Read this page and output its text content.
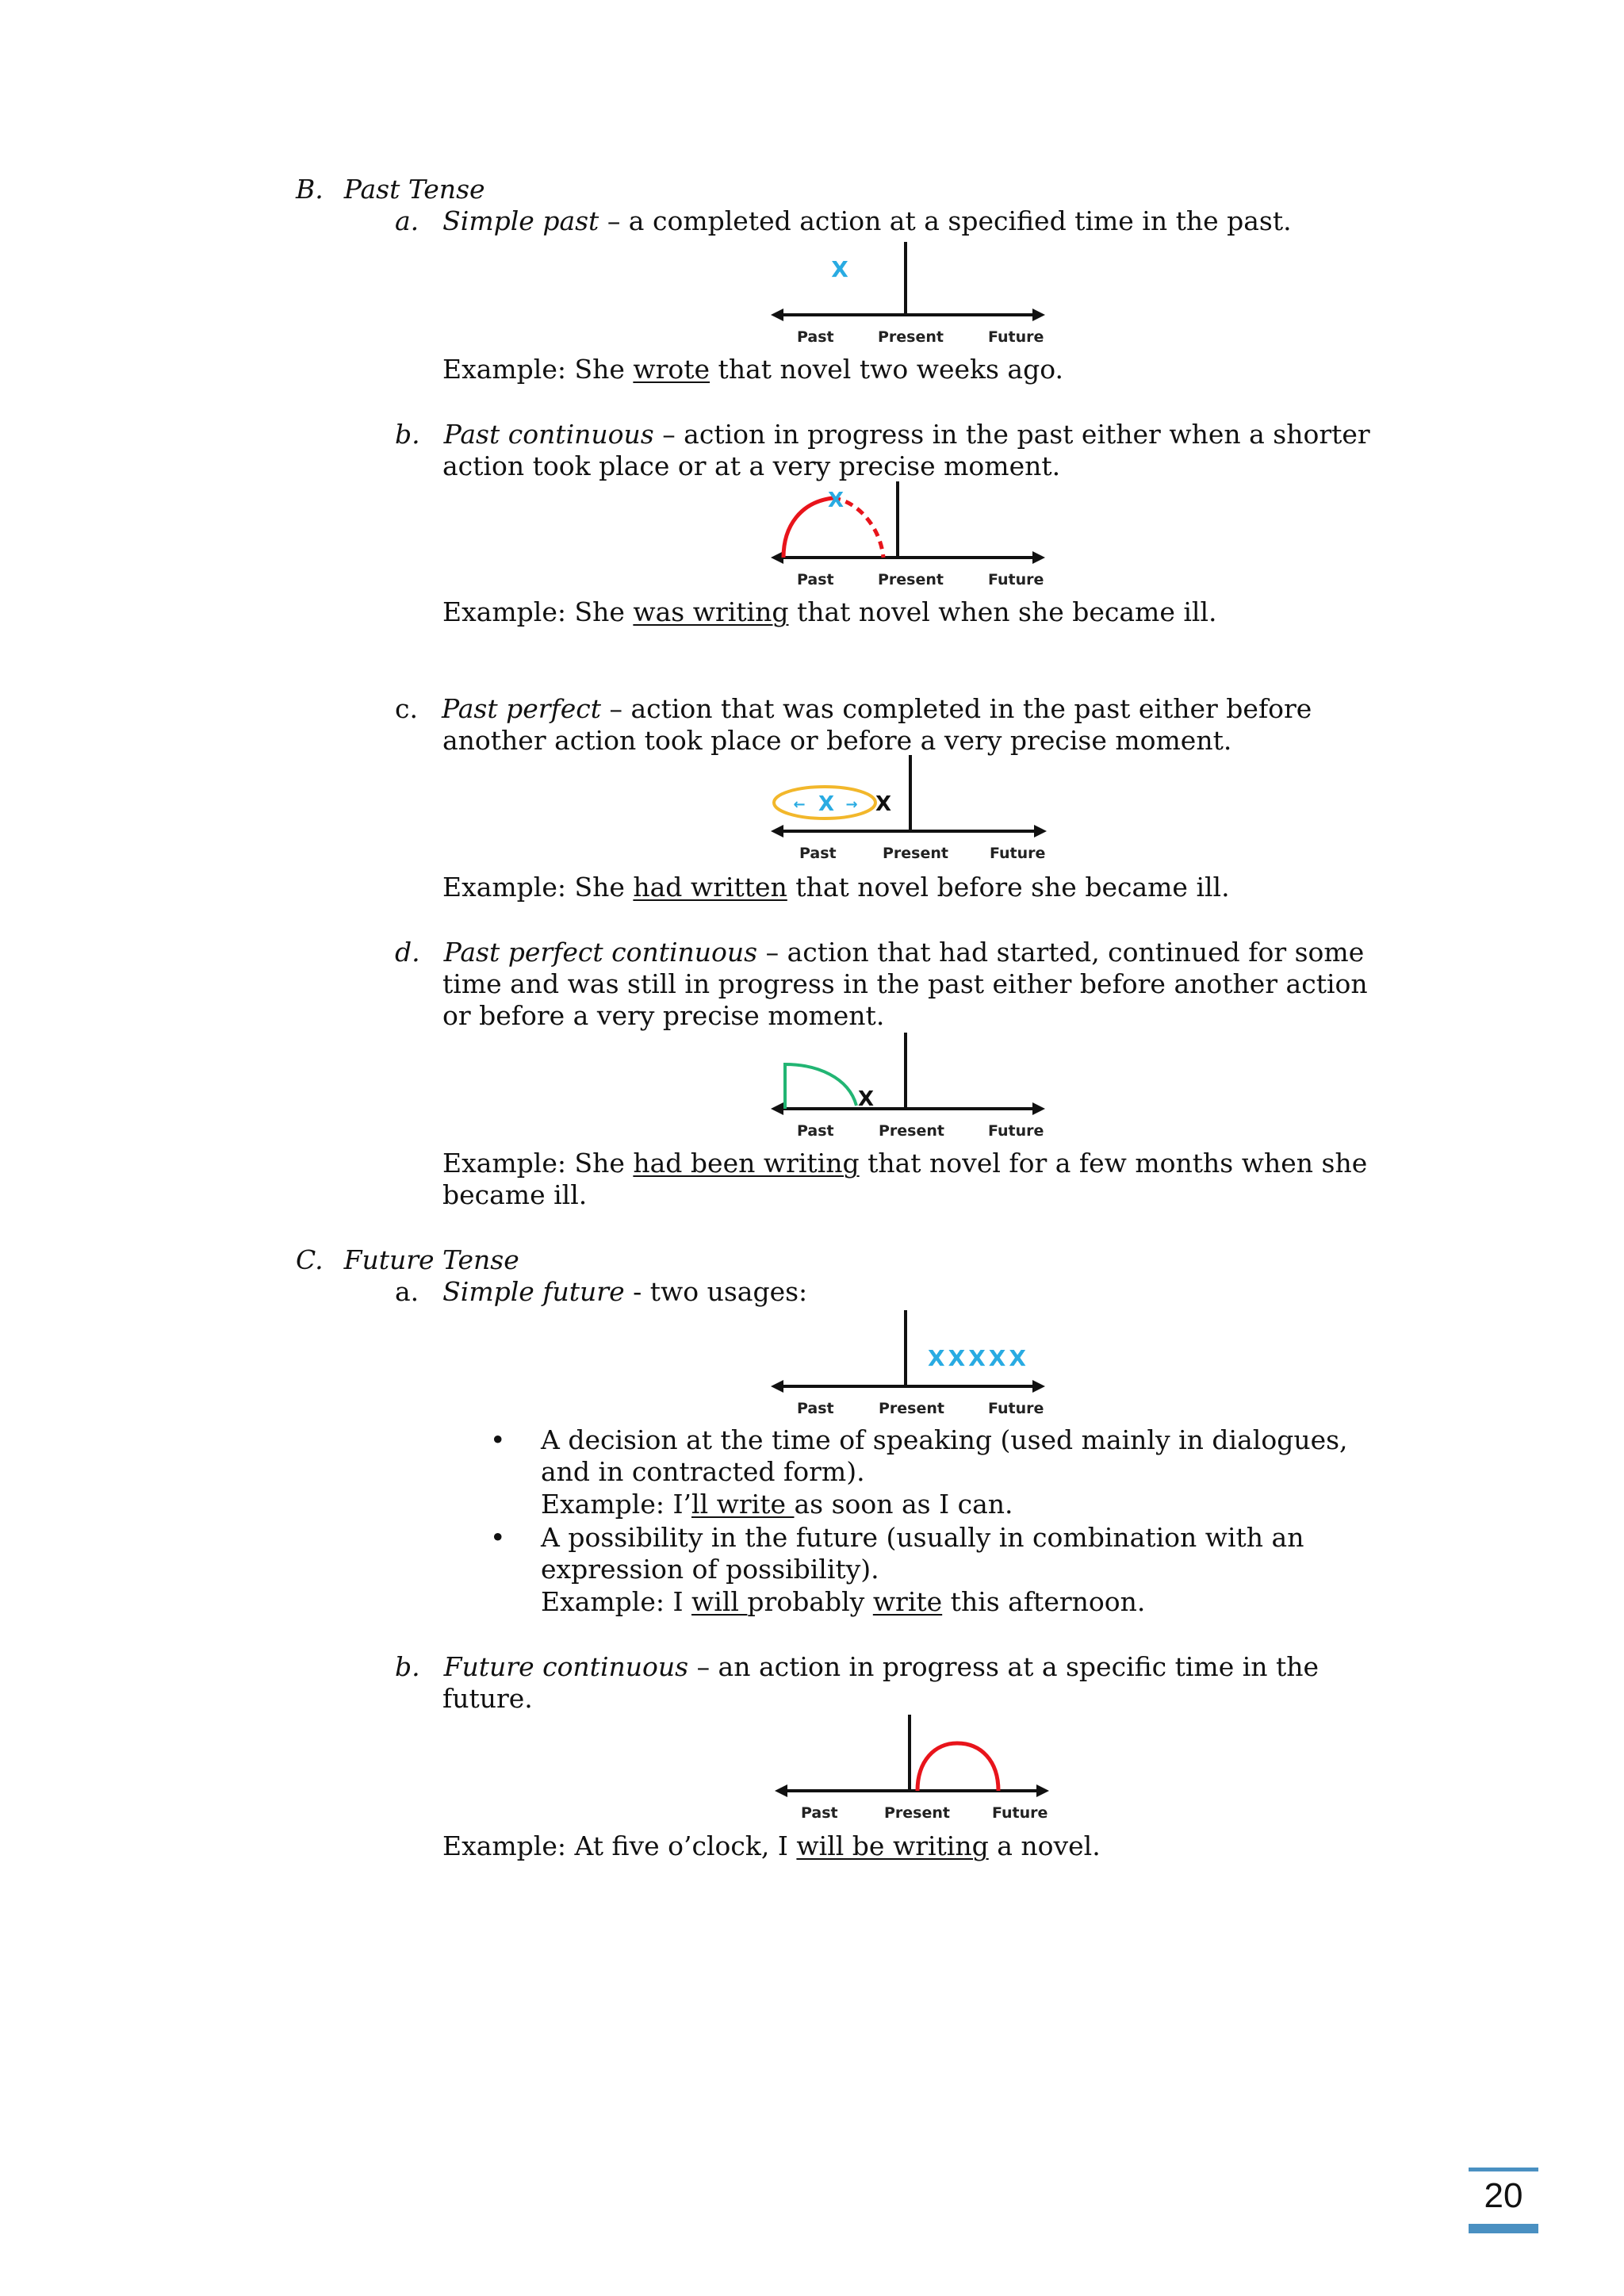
B. Past Tense
a. Simple past – a completed action at a specified time in the past.
X
Past	Present	Future
Example: She wrote that novel two weeks ago.
b. Past continuous – action in progress in the past either when a shorter
action took place or at a very precise moment.
X
Past	Present	Future
Example: She was writing that novel when she became ill.
c. Past perfect – action that was completed in the past either before
another action took place or before a very precise moment.
← X → X
Past	Present	Future
Example: She had written that novel before she became ill.
d. Past perfect continuous – action that had started, continued for some
time and was still in progress in the past either before another action
or before a very precise moment.
X
Past	Present	Future
Example: She had been writing that novel for a few months when she
became ill.
C. Future Tense
a. Simple future - two usages:
XXXXX
Past	Present	Future
• A decision at the time of speaking (used mainly in dialogues,
and in contracted form).
Example: I’ll write as soon as I can.
• A possibility in the future (usually in combination with an
expression of possibility).
Example: I will probably write this afternoon.
b. Future continuous – an action in progress at a specific time in the
future.
Past	Present	Future
Example: At five o’clock, I will be writing a novel.
20
